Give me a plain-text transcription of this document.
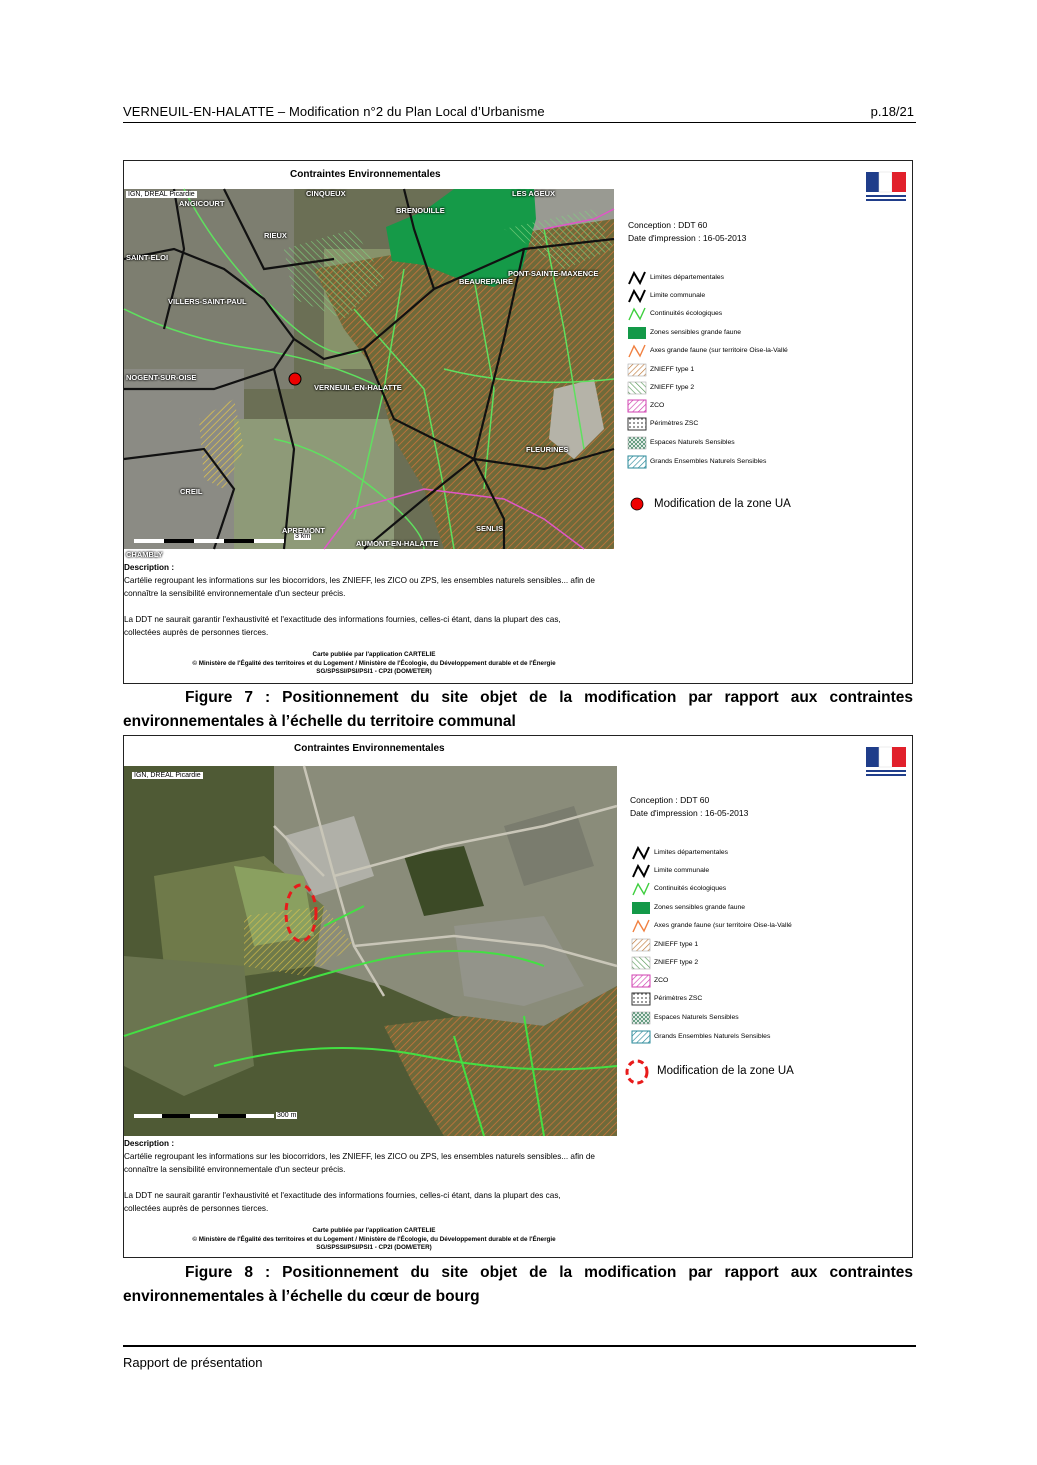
VERNEUIL-EN-HALATTE – Modification n°2 du Plan Local d’Urbanisme	p.18/21
Contraintes Environnementales
IGN, DREAL Picardie
3 km
CINQUEUX	LES AGEUX
ANGICOURT
BRENOUILLE
RIEUX
SAINT-ELOI
PONT-SAINTE-MAXENCE
BEAUREPAIRE
VILLERS-SAINT-PAUL
NOGENT-SUR-OISE
VERNEUIL-EN-HALATTE
FLEURINES
CREIL
SENLIS
APREMONT
AUMONT-EN-HALATTE
CHAMBLY
Conception : DDT 60
Date d'impression : 16-05-2013
Limites départementales
Limite communale
Continuités écologiques
Zones sensibles grande faune
Axes grande faune (sur territoire Oise-la-Vallé
ZNIEFF type 1
ZNIEFF type 2
ZCO
Périmètres ZSC
Espaces Naturels Sensibles
Grands Ensembles Naturels Sensibles
Modification de la zone UA
Description :
Cartélie regroupant les informations sur les biocorridors, les ZNIEFF, les ZICO ou ZPS, les ensembles naturels sensibles... afin de
connaître la sensibilité environnementale d'un secteur précis.
La DDT ne saurait garantir l'exhaustivité et l'exactitude des informations fournies, celles-ci étant, dans la plupart des cas,
collectées auprès de personnes tierces.
Carte publiée par l'application CARTELIE
© Ministère de l'Égalité des territoires et du Logement / Ministère de l'Écologie, du Développement durable et de l'Énergie
SG/SPSSI/PSI/PSI1 - CP2I (DOM/ETER)
Figure 7 : Positionnement du site objet de la modification par rapport aux contraintes
environnementales à l’échelle du territoire communal
Contraintes Environnementales
IGN, DREAL Picardie
300 m
Conception : DDT 60
Date d'impression : 16-05-2013
Limites départementales
Limite communale
Continuités écologiques
Zones sensibles grande faune
Axes grande faune (sur territoire Oise-la-Vallé
ZNIEFF type 1
ZNIEFF type 2
ZCO
Périmètres ZSC
Espaces Naturels Sensibles
Grands Ensembles Naturels Sensibles
Modification de la zone UA
Description :
Cartélie regroupant les informations sur les biocorridors, les ZNIEFF, les ZICO ou ZPS, les ensembles naturels sensibles... afin de
connaître la sensibilité environnementale d'un secteur précis.
La DDT ne saurait garantir l'exhaustivité et l'exactitude des informations fournies, celles-ci étant, dans la plupart des cas,
collectées auprès de personnes tierces.
Carte publiée par l'application CARTELIE
© Ministère de l'Égalité des territoires et du Logement / Ministère de l'Écologie, du Développement durable et de l'Énergie
SG/SPSSI/PSI/PSI1 - CP2I (DOM/ETER)
Figure 8 : Positionnement du site objet de la modification par rapport aux contraintes
environnementales à l’échelle du cœur de bourg
Rapport de présentation
